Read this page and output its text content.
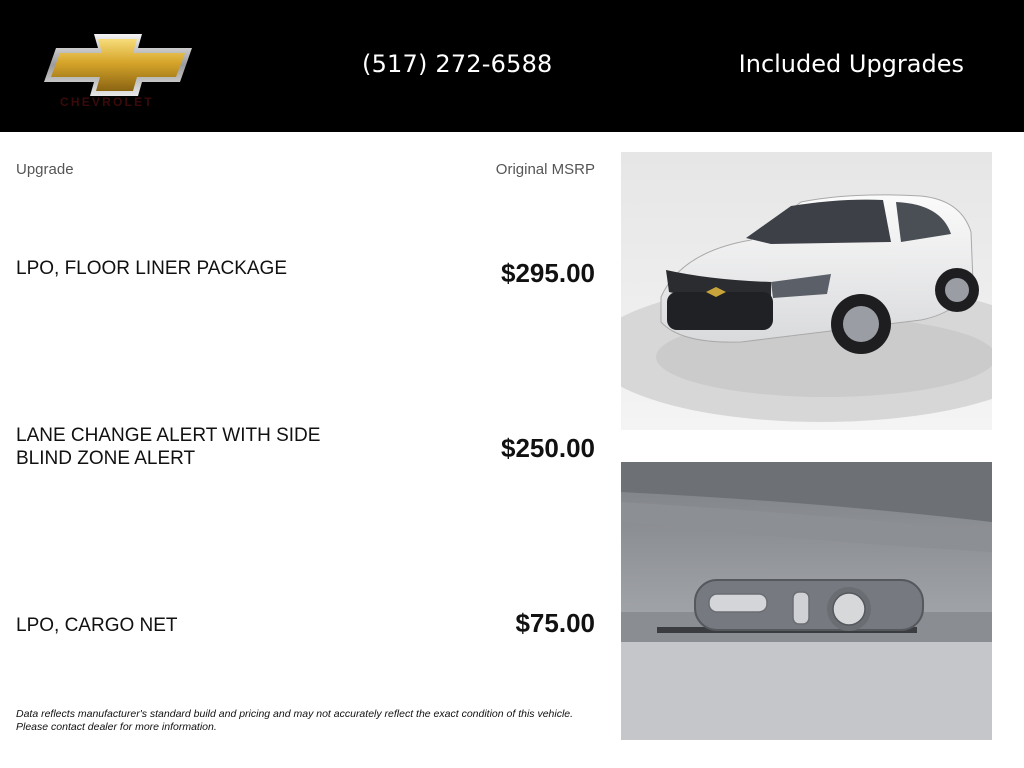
CHEVROLET
(517) 272-6588	Included Upgrades
Upgrade	Original MSRP
LPO, FLOOR LINER PACKAGE	$295.00
LANE CHANGE ALERT WITH SIDE BLIND ZONE ALERT	$250.00
LPO, CARGO NET	$75.00
Data reflects manufacturer's standard build and pricing and may not accurately reflect the exact condition of this vehicle.
Please contact dealer for more information.
